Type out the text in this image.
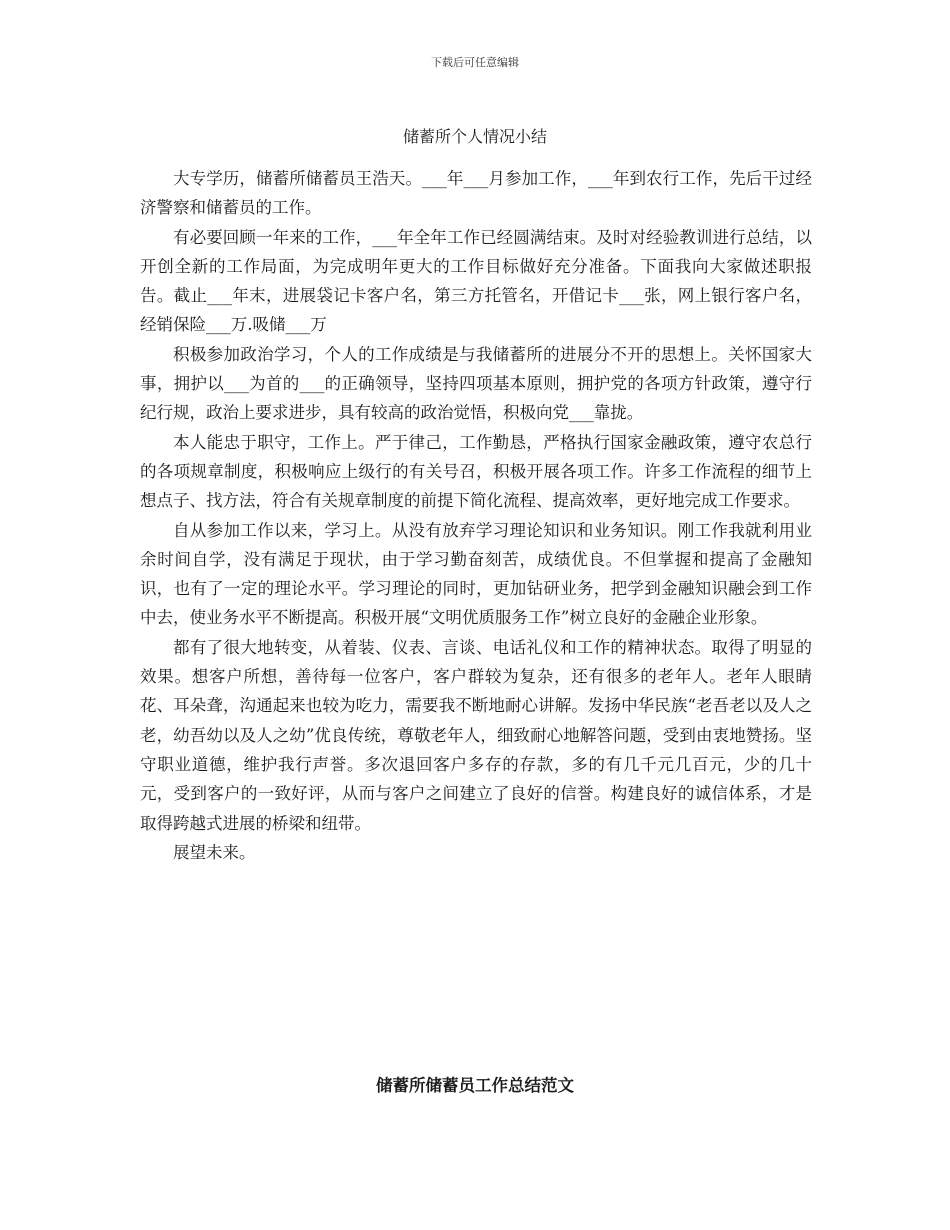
下载后可任意编辑
储蓄所个人情况小结

大专学历，储蓄所储蓄员王浩天。___年___月参加工作，___年到农行工作，先后干过经济警察和储蓄员的工作。

有必要回顾一年来的工作，___年全年工作已经圆满结束。及时对经验教训进行总结，以开创全新的工作局面，为完成明年更大的工作目标做好充分准备。下面我向大家做述职报告。截止___年末，进展袋记卡客户名，第三方托管名，开借记卡___张，网上银行客户名，经销保险___万.吸储___万

积极参加政治学习，个人的工作成绩是与我储蓄所的进展分不开的思想上。关怀国家大事，拥护以___为首的___的正确领导，坚持四项基本原则，拥护党的各项方针政策，遵守行纪行规，政治上要求进步，具有较高的政治觉悟，积极向党___靠拢。

本人能忠于职守，工作上。严于律己，工作勤恳，严格执行国家金融政策，遵守农总行的各项规章制度，积极响应上级行的有关号召，积极开展各项工作。许多工作流程的细节上想点子、找方法，符合有关规章制度的前提下简化流程、提高效率，更好地完成工作要求。

自从参加工作以来，学习上。从没有放弃学习理论知识和业务知识。刚工作我就利用业余时间自学，没有满足于现状，由于学习勤奋刻苦，成绩优良。不但掌握和提高了金融知识，也有了一定的理论水平。学习理论的同时，更加钻研业务，把学到金融知识融会到工作中去，使业务水平不断提高。积极开展“文明优质服务工作”树立良好的金融企业形象。

都有了很大地转变，从着装、仪表、言谈、电话礼仪和工作的精神状态。取得了明显的效果。想客户所想，善待每一位客户，客户群较为复杂，还有很多的老年人。老年人眼睛花、耳朵聋，沟通起来也较为吃力，需要我不断地耐心讲解。发扬中华民族“老吾老以及人之老，幼吾幼以及人之幼”优良传统，尊敬老年人，细致耐心地解答问题，受到由衷地赞扬。坚守职业道德，维护我行声誉。多次退回客户多存的存款，多的有几千元几百元，少的几十元，受到客户的一致好评，从而与客户之间建立了良好的信誉。构建良好的诚信体系，才是取得跨越式进展的桥梁和纽带。

展望未来。

储蓄所储蓄员工作总结范文
